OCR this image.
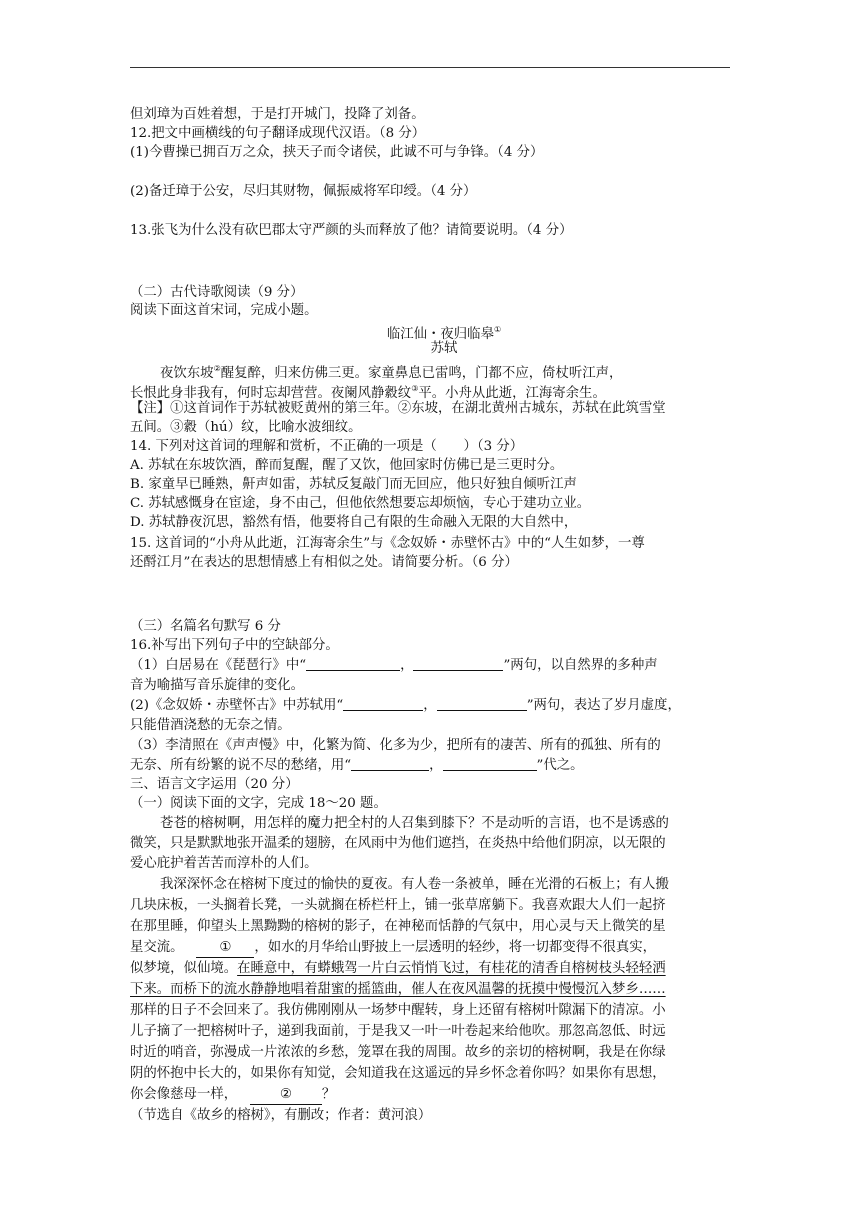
但刘璋为百姓着想，于是打开城门，投降了刘备。
12.把文中画横线的句子翻译成现代汉语。（8 分）
(1)今曹操已拥百万之众，挟天子而令诸侯，此诚不可与争锋。（4 分）
(2)备迁璋于公安，尽归其财物，佩振威将军印绶。（4 分）
13.张飞为什么没有砍巴郡太守严颜的头而释放了他？请简要说明。（4 分）
（二）古代诗歌阅读（9 分）
阅读下面这首宋词，完成小题。
临江仙・夜归临皋①
苏轼
夜饮东坡②醒复醉，归来仿佛三更。家童鼻息已雷鸣，门都不应，倚杖听江声，
长恨此身非我有，何时忘却营营。夜阑风静縠纹③平。小舟从此逝，江海寄余生。
【注】①这首词作于苏轼被贬黄州的第三年。②东坡，在湖北黄州古城东，苏轼在此筑雪堂
五间。③縠（hú）纹，比喻水波细纹。
14. 下列对这首词的理解和赏析，不正确的一项是（　　）（3 分）
A. 苏轼在东坡饮酒，醉而复醒，醒了又饮，他回家时仿佛已是三更时分。
B. 家童早已睡熟，鼾声如雷，苏轼反复敲门而无回应，他只好独自倾听江声
C. 苏轼感慨身在宦途，身不由己，但他依然想要忘却烦恼，专心于建功立业。
D. 苏轼静夜沉思，豁然有悟，他要将自己有限的生命融入无限的大自然中，
15. 这首词的“小舟从此逝，江海寄余生”与《念奴娇・赤壁怀古》中的“人生如梦，一尊
还酹江月”在表达的思想情感上有相似之处。请简要分析。（6 分）
（三）名篇名句默写 6 分
16.补写出下列句子中的空缺部分。
（1）白居易在《琵琶行》中“	，	”两句，以自然界的多种声
音为喻描写音乐旋律的变化。
(2)《念奴娇・赤壁怀古》中苏轼用“	，	”两句，表达了岁月虚度，
只能借酒浇愁的无奈之情。
（3）李清照在《声声慢》中，化繁为简、化多为少，把所有的凄苦、所有的孤独、所有的
无奈、所有纷繁的说不尽的愁绪，用“	，	”代之。
三、语言文字运用（20 分）
（一）阅读下面的文字，完成 18～20 题。
苍苍的榕树啊，用怎样的魔力把全村的人召集到膝下？不是动听的言语，也不是诱惑的
微笑，只是默默地张开温柔的翅膀，在风雨中为他们遮挡，在炎热中给他们阴凉，以无限的
爱心庇护着苦苦而淳朴的人们。
我深深怀念在榕树下度过的愉快的夏夜。有人卷一条被单，睡在光滑的石板上；有人搬
几块床板，一头搁着长凳，一头就搁在桥栏杆上，铺一张草席躺下。我喜欢跟大人们一起挤
在那里睡，仰望头上黑黝黝的榕树的影子，在神秘而恬静的气氛中，用心灵与天上微笑的星
星交流。	① ，如水的月华给山野披上一层透明的轻纱，将一切都变得不很真实，
似梦境，似仙境。在睡意中，有蟒蛾驾一片白云悄悄飞过，有桂花的清香自榕树枝头轻轻洒
下来。而桥下的流水静静地唱着甜蜜的摇篮曲，催人在夜风温馨的抚摸中慢慢沉入梦乡……
那样的日子不会回来了。我仿佛刚刚从一场梦中醒转，身上还留有榕树叶隙漏下的清凉。小
儿子摘了一把榕树叶子，递到我面前，于是我又一叶一叶卷起来给他吹。那忽高忽低、时远
时近的哨音，弥漫成一片浓浓的乡愁，笼罩在我的周围。故乡的亲切的榕树啊，我是在你绿
阴的怀抱中长大的，如果你有知觉，会知道我在这遥远的异乡怀念着你吗？如果你有思想，
你会像慈母一样，	② ？
（节选自《故乡的榕树》，有删改；作者：黄河浪）
